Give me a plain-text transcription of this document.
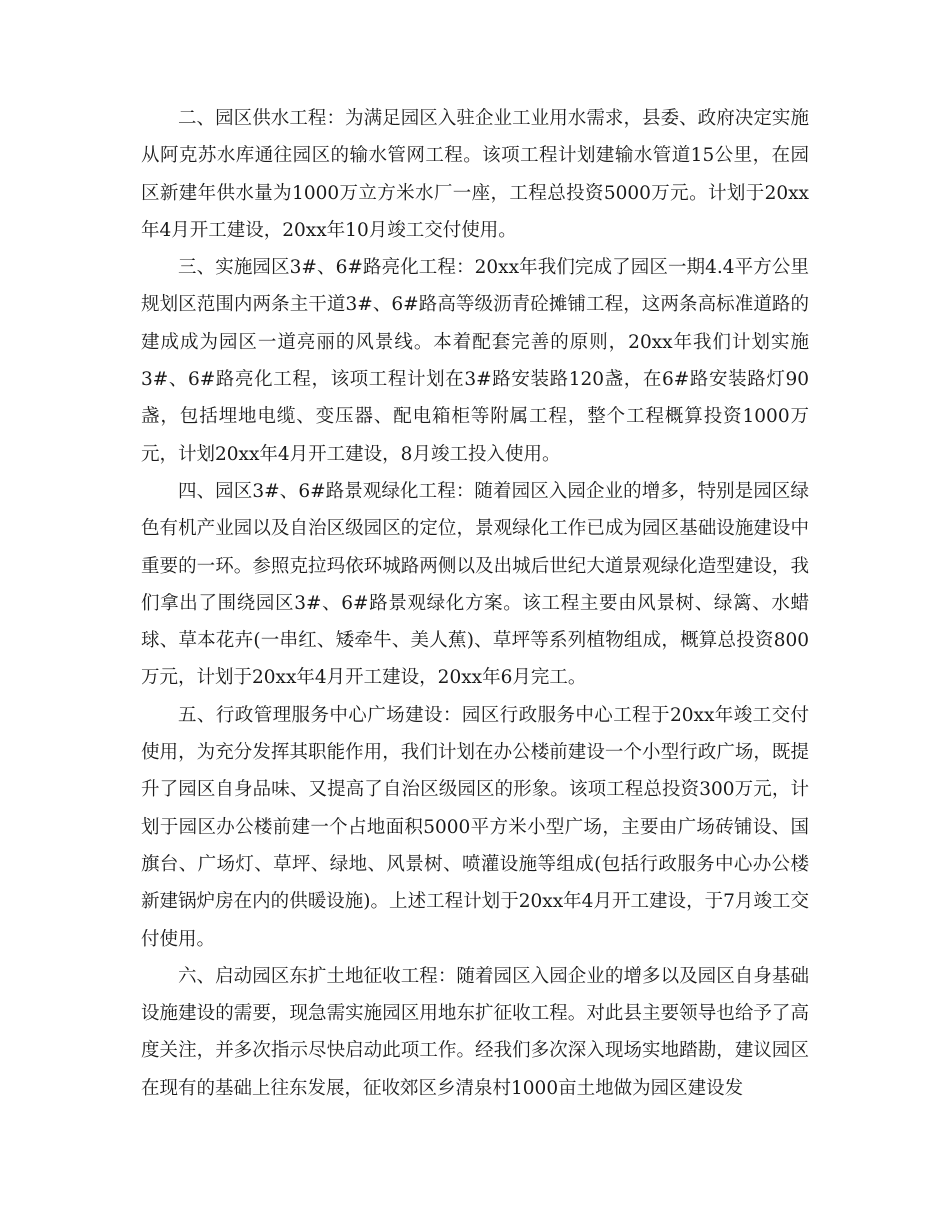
二、园区供水工程：为满足园区入驻企业工业用水需求，县委、政府决定实施从阿克苏水库通往园区的输水管网工程。该项工程计划建输水管道15公里，在园区新建年供水量为1000万立方米水厂一座，工程总投资5000万元。计划于20xx年4月开工建设，20xx年10月竣工交付使用。

三、实施园区3#、6#路亮化工程：20xx年我们完成了园区一期4.4平方公里规划区范围内两条主干道3#、6#路高等级沥青砼摊铺工程，这两条高标准道路的建成成为园区一道亮丽的风景线。本着配套完善的原则，20xx年我们计划实施3#、6#路亮化工程，该项工程计划在3#路安装路120盏，在6#路安装路灯90盏，包括埋地电缆、变压器、配电箱柜等附属工程，整个工程概算投资1000万元，计划20xx年4月开工建设，8月竣工投入使用。

四、园区3#、6#路景观绿化工程：随着园区入园企业的增多，特别是园区绿色有机产业园以及自治区级园区的定位，景观绿化工作已成为园区基础设施建设中重要的一环。参照克拉玛依环城路两侧以及出城后世纪大道景观绿化造型建设，我们拿出了围绕园区3#、6#路景观绿化方案。该工程主要由风景树、绿篱、水蜡球、草本花卉(一串红、矮牵牛、美人蕉)、草坪等系列植物组成，概算总投资800万元，计划于20xx年4月开工建设，20xx年6月完工。

五、行政管理服务中心广场建设：园区行政服务中心工程于20xx年竣工交付使用，为充分发挥其职能作用，我们计划在办公楼前建设一个小型行政广场，既提升了园区自身品味、又提高了自治区级园区的形象。该项工程总投资300万元，计划于园区办公楼前建一个占地面积5000平方米小型广场，主要由广场砖铺设、国旗台、广场灯、草坪、绿地、风景树、喷灌设施等组成(包括行政服务中心办公楼新建锅炉房在内的供暖设施)。上述工程计划于20xx年4月开工建设，于7月竣工交付使用。

六、启动园区东扩土地征收工程：随着园区入园企业的增多以及园区自身基础设施建设的需要，现急需实施园区用地东扩征收工程。对此县主要领导也给予了高度关注，并多次指示尽快启动此项工作。经我们多次深入现场实地踏勘，建议园区在现有的基础上往东发展，征收郊区乡清泉村1000亩土地做为园区建设发
